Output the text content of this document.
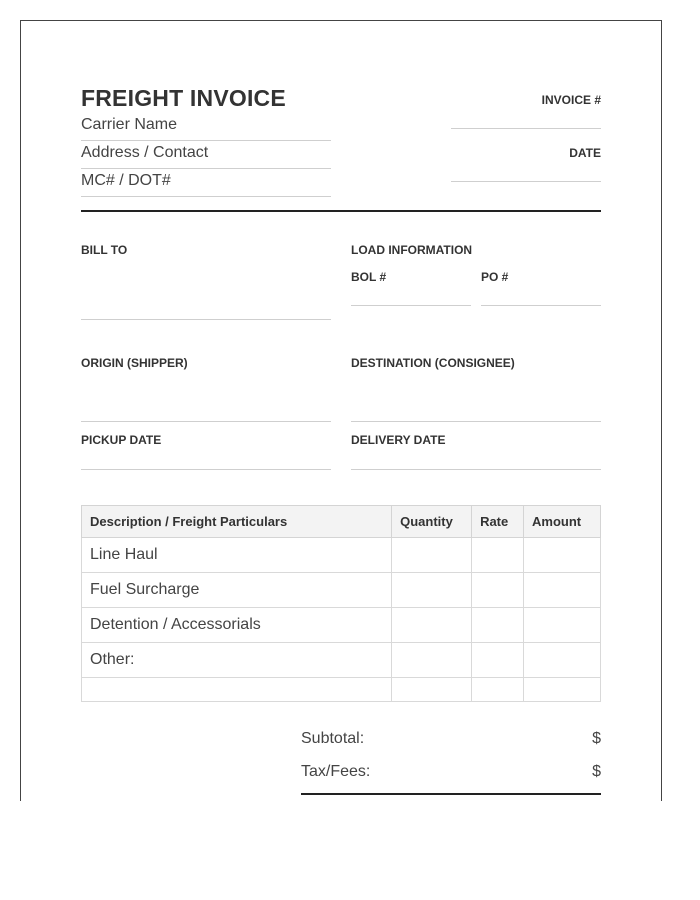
FREIGHT INVOICE
Carrier Name
Address / Contact
MC# / DOT#
INVOICE #
DATE
BILL TO	LOAD INFORMATION
BOL #	PO #
ORIGIN (SHIPPER)	DESTINATION (CONSIGNEE)
PICKUP DATE	DELIVERY DATE
Description / Freight Particulars	Quantity	Rate	Amount
Line Haul			
Fuel Surcharge			
Detention / Accessorials			
Other:			

Subtotal:	$
Tax/Fees:	$
